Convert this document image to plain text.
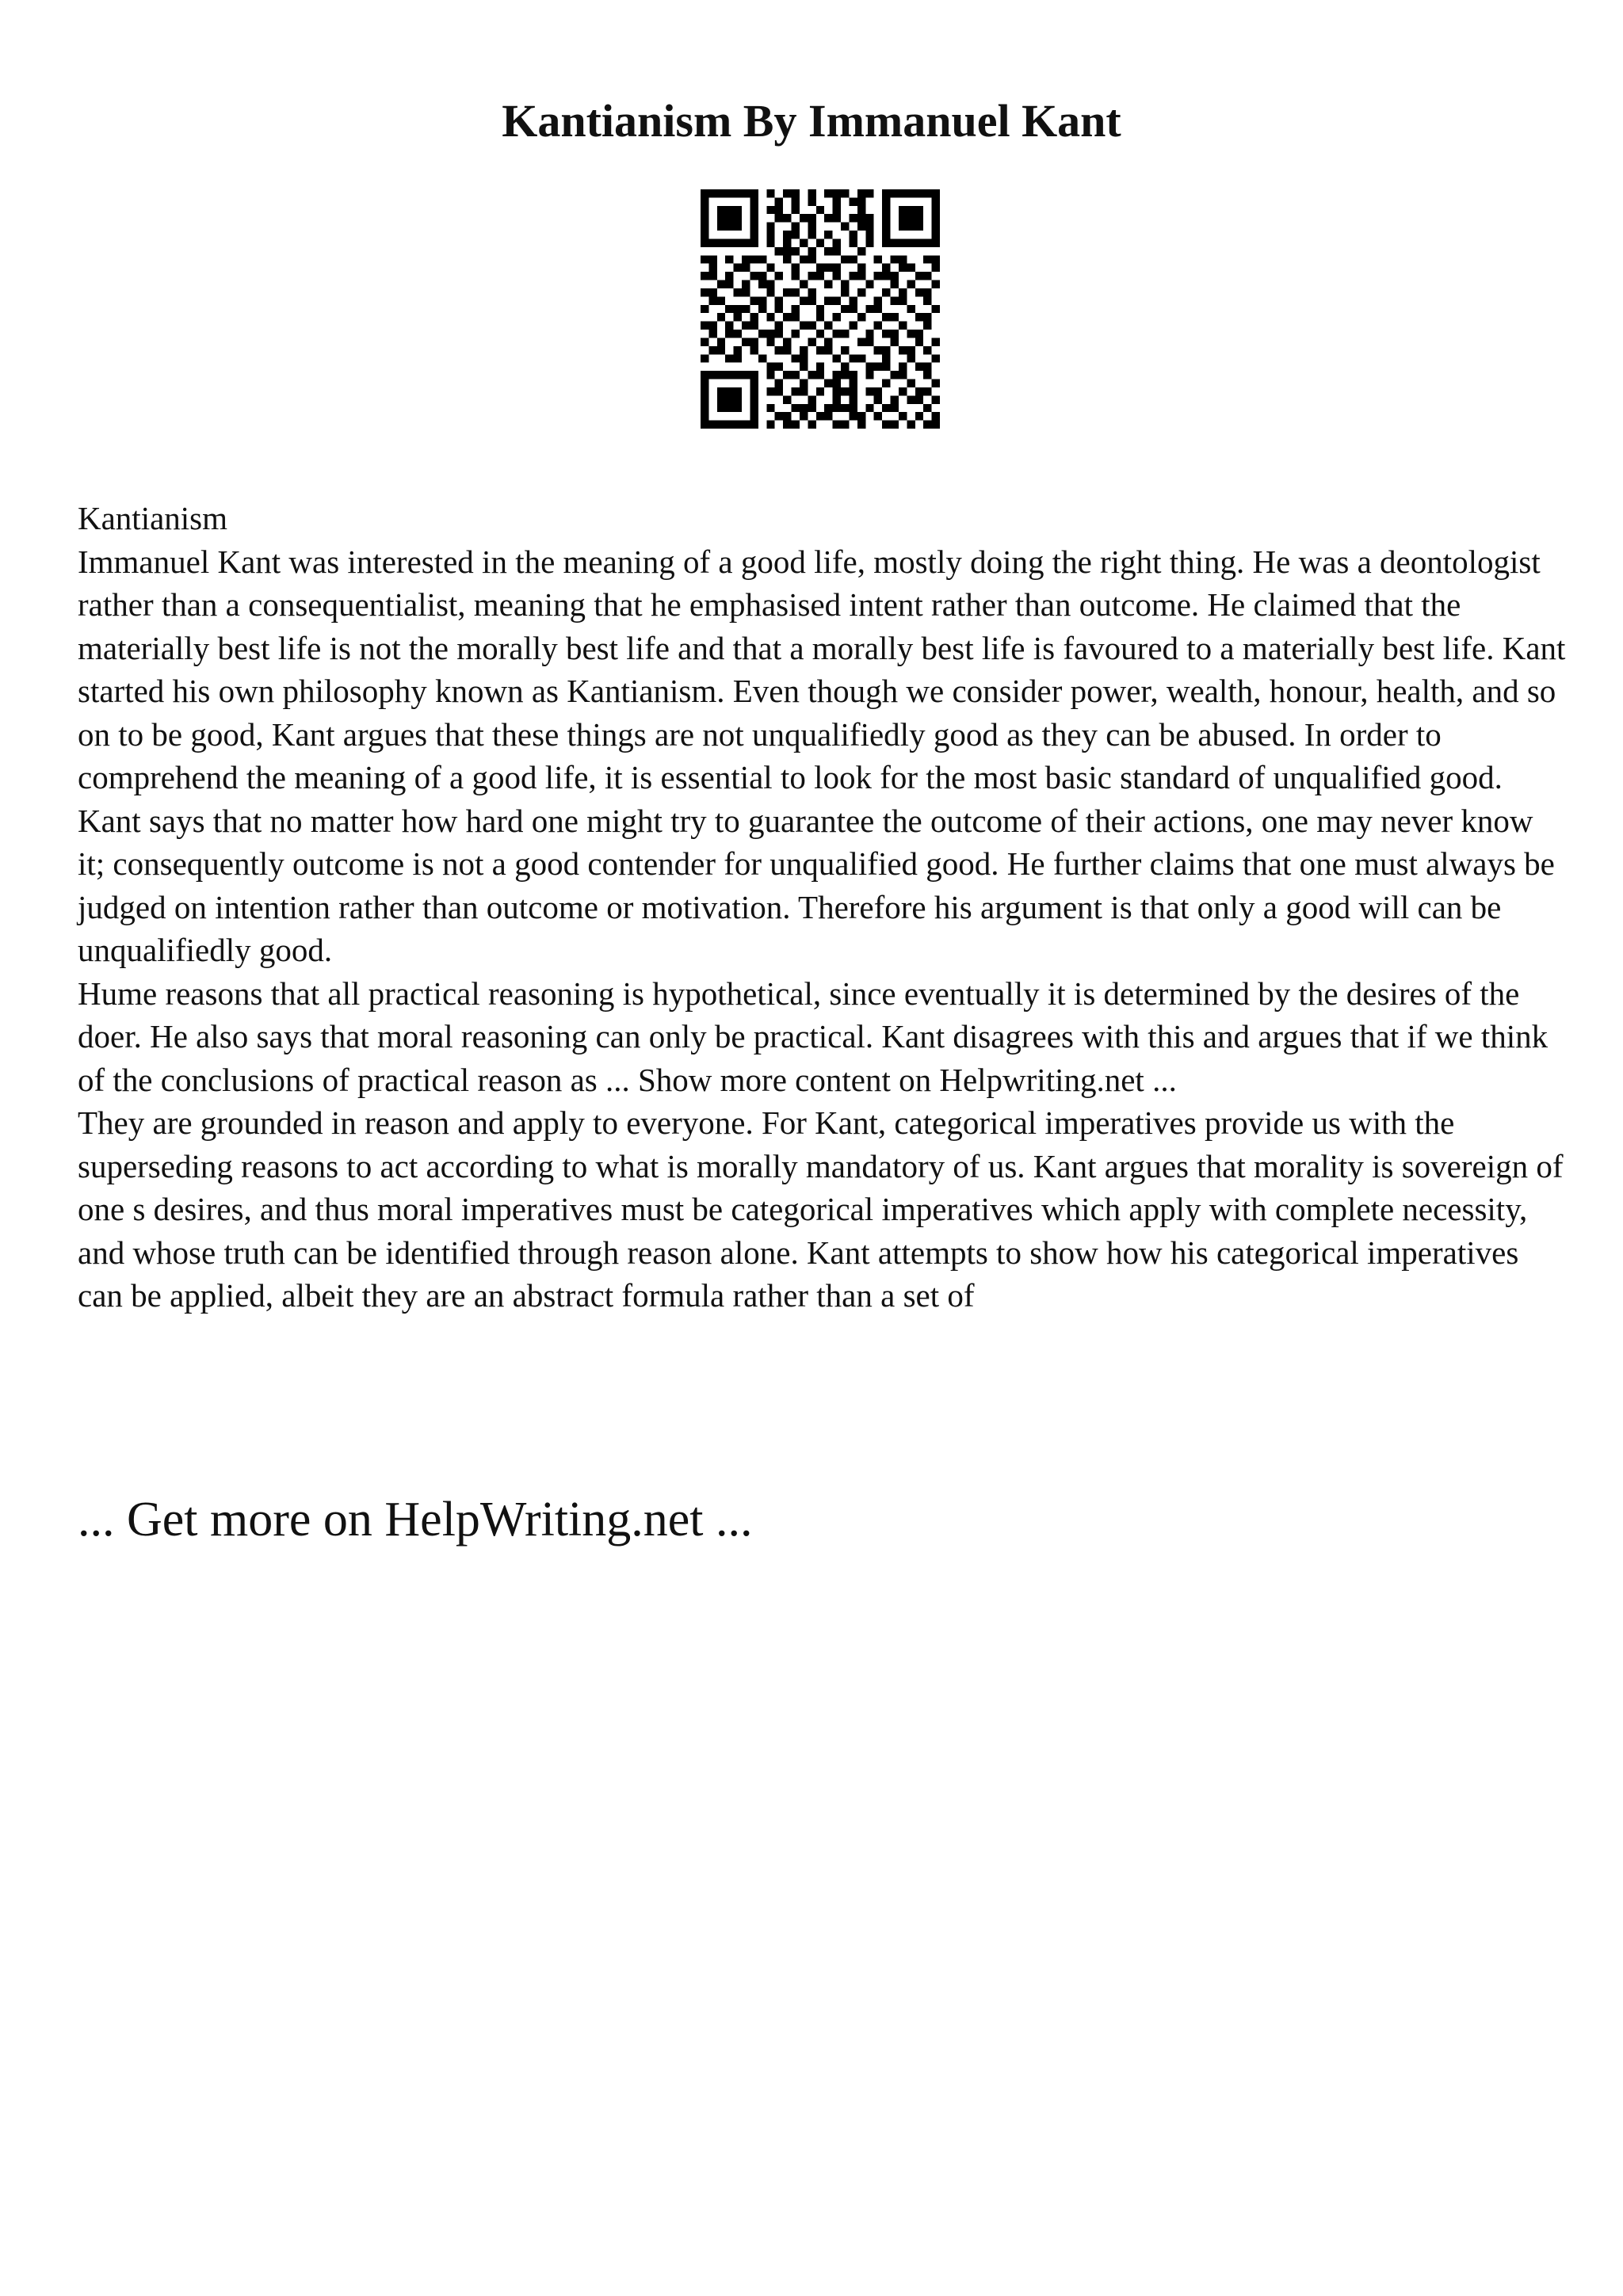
Kantianism By Immanuel Kant

Kantianism

Immanuel Kant was interested in the meaning of a good life, mostly doing the right thing. He was a deontologist rather than a consequentialist, meaning that he emphasised intent rather than outcome. He claimed that the materially best life is not the morally best life and that a morally best life is favoured to a materially best life. Kant started his own philosophy known as Kantianism. Even though we consider power, wealth, honour, health, and so on to be good, Kant argues that these things are not unqualifiedly good as they can be abused. In order to comprehend the meaning of a good life, it is essential to look for the most basic standard of unqualified good. Kant says that no matter how hard one might try to guarantee the outcome of their actions, one may never know it; consequently outcome is not a good contender for unqualified good. He further claims that one must always be judged on intention rather than outcome or motivation. Therefore his argument is that only a good will can be unqualifiedly good.

Hume reasons that all practical reasoning is hypothetical, since eventually it is determined by the desires of the doer. He also says that moral reasoning can only be practical. Kant disagrees with this and argues that if we think of the conclusions of practical reason as ... Show more content on Helpwriting.net ...

They are grounded in reason and apply to everyone. For Kant, categorical imperatives provide us with the superseding reasons to act according to what is morally mandatory of us. Kant argues that morality is sovereign of one s desires, and thus moral imperatives must be categorical imperatives which apply with complete necessity, and whose truth can be identified through reason alone. Kant attempts to show how his categorical imperatives can be applied, albeit they are an abstract formula rather than a set of

... Get more on HelpWriting.net ...
